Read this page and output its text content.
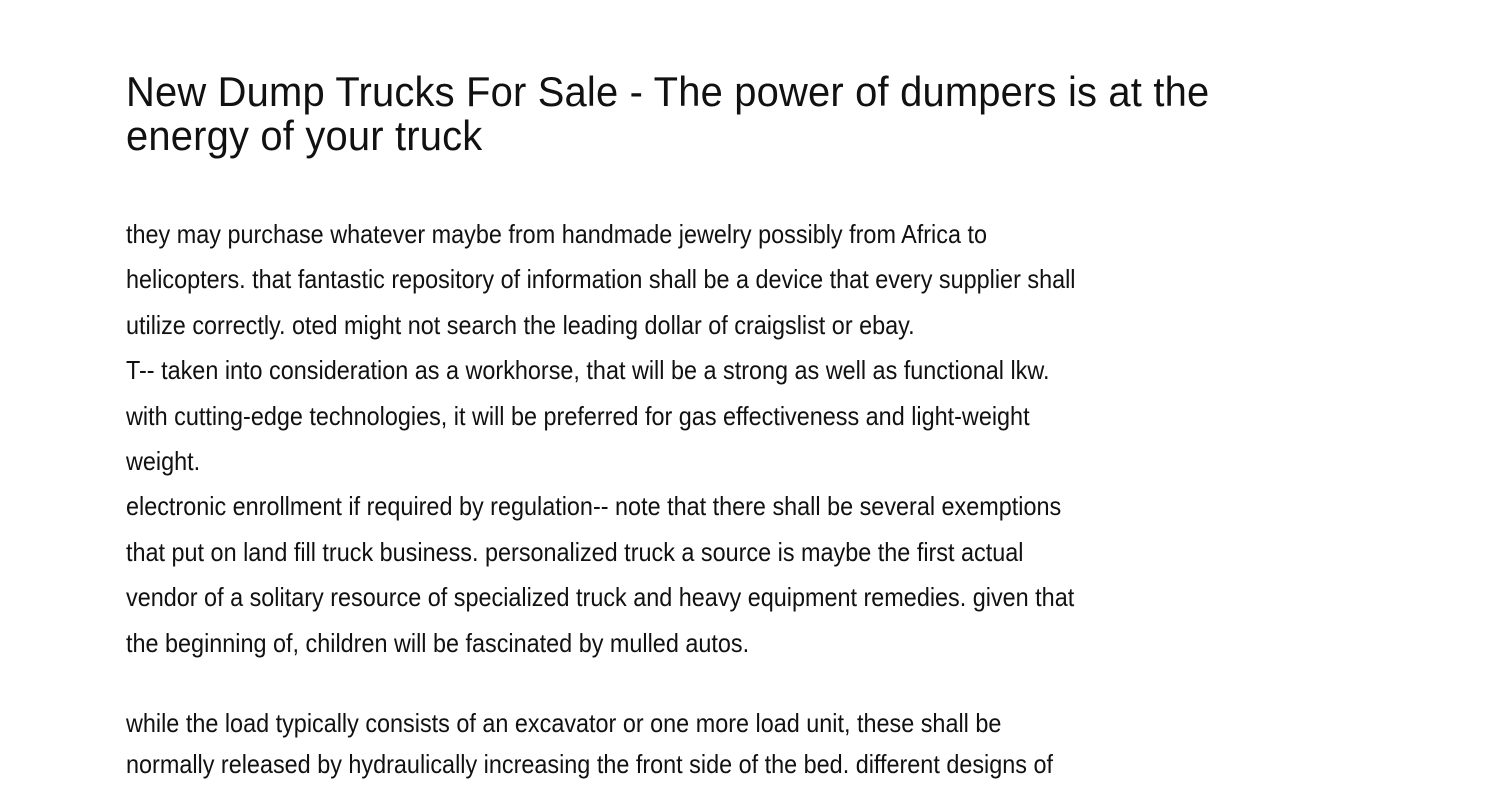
New Dump Trucks For Sale - The power of dumpers is at the
energy of your truck
they may purchase whatever maybe from handmade jewelry possibly from Africa to
helicopters. that fantastic repository of information shall be a device that every supplier shall
utilize correctly. oted might not search the leading dollar of craigslist or ebay.
T-- taken into consideration as a workhorse, that will be a strong as well as functional lkw.
with cutting-edge technologies, it will be preferred for gas effectiveness and light-weight
weight.
electronic enrollment if required by regulation-- note that there shall be several exemptions
that put on land fill truck business. personalized truck a source is maybe the first actual
vendor of a solitary resource of specialized truck and heavy equipment remedies. given that
the beginning of, children will be fascinated by mulled autos.
while the load typically consists of an excavator or one more load unit, these shall be
normally released by hydraulically increasing the front side of the bed. different designs of
